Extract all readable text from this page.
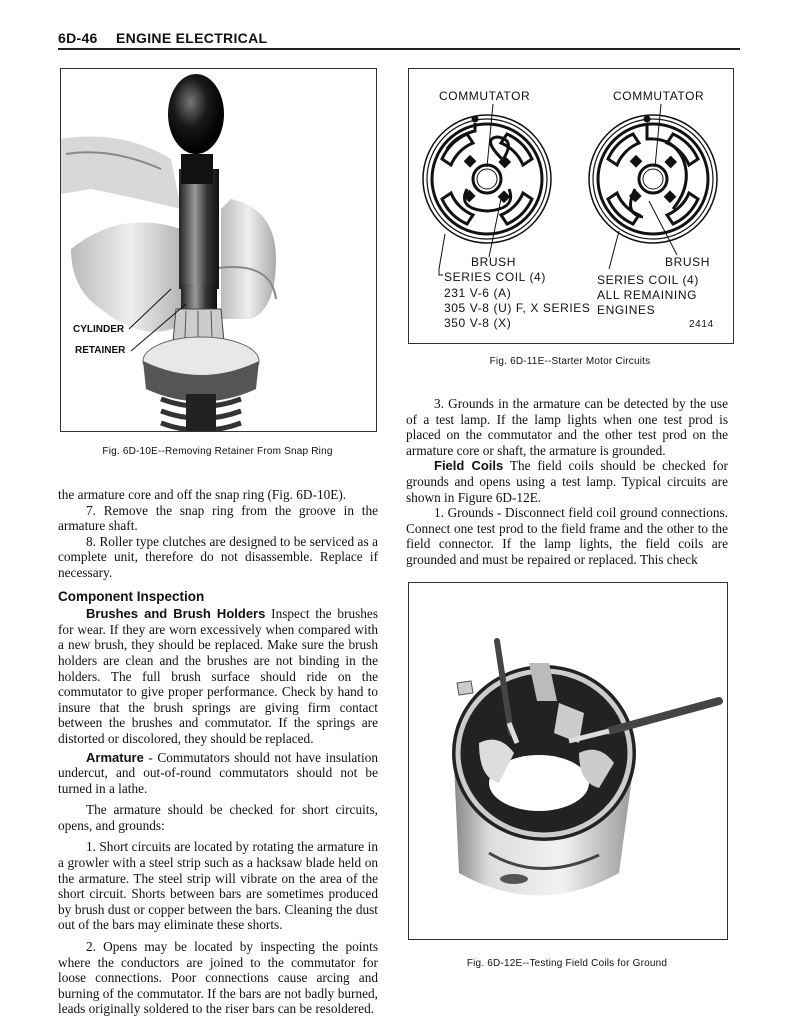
6D-46 ENGINE ELECTRICAL
CYLINDER
RETAINER
Fig. 6D-10E--Removing Retainer From Snap Ring
COMMUTATOR	COMMUTATOR
BRUSH	BRUSH
SERIES COIL (4)	SERIES COIL (4)
231 V-6 (A)
305 V-8 (U) F, X SERIES
350 V-8 (X)
ALL REMAINING
ENGINES
2414
Fig. 6D-11E--Starter Motor Circuits

the armature core and off the snap ring (Fig. 6D-10E).

7. Remove the snap ring from the groove in the armature shaft.

8. Roller type clutches are designed to be serviced as a complete unit, therefore do not disassemble. Replace if necessary.

Component Inspection

Brushes and Brush Holders Inspect the brushes for wear. If they are worn excessively when compared with a new brush, they should be replaced. Make sure the brush holders are clean and the brushes are not binding in the holders. The full brush surface should ride on the commutator to give proper performance. Check by hand to insure that the brush springs are giving firm contact between the brushes and commutator. If the springs are distorted or discolored, they should be replaced.

Armature - Commutators should not have insulation undercut, and out-of-round commutators should not be turned in a lathe.

The armature should be checked for short circuits, opens, and grounds:

1. Short circuits are located by rotating the armature in a growler with a steel strip such as a hacksaw blade held on the armature. The steel strip will vibrate on the area of the short circuit. Shorts between bars are sometimes produced by brush dust or copper between the bars. Cleaning the dust out of the bars may eliminate these shorts.

2. Opens may be located by inspecting the points where the conductors are joined to the commutator for loose connections. Poor connections cause arcing and burning of the commutator. If the bars are not badly burned, leads originally soldered to the riser bars can be resoldered.

3. Grounds in the armature can be detected by the use of a test lamp. If the lamp lights when one test prod is placed on the commutator and the other test prod on the armature core or shaft, the armature is grounded.

Field Coils The field coils should be checked for grounds and opens using a test lamp. Typical circuits are shown in Figure 6D-12E.

1. Grounds - Disconnect field coil ground connections. Connect one test prod to the field frame and the other to the field connector. If the lamp lights, the field coils are grounded and must be repaired or replaced. This check

Fig. 6D-12E--Testing Field Coils for Ground
